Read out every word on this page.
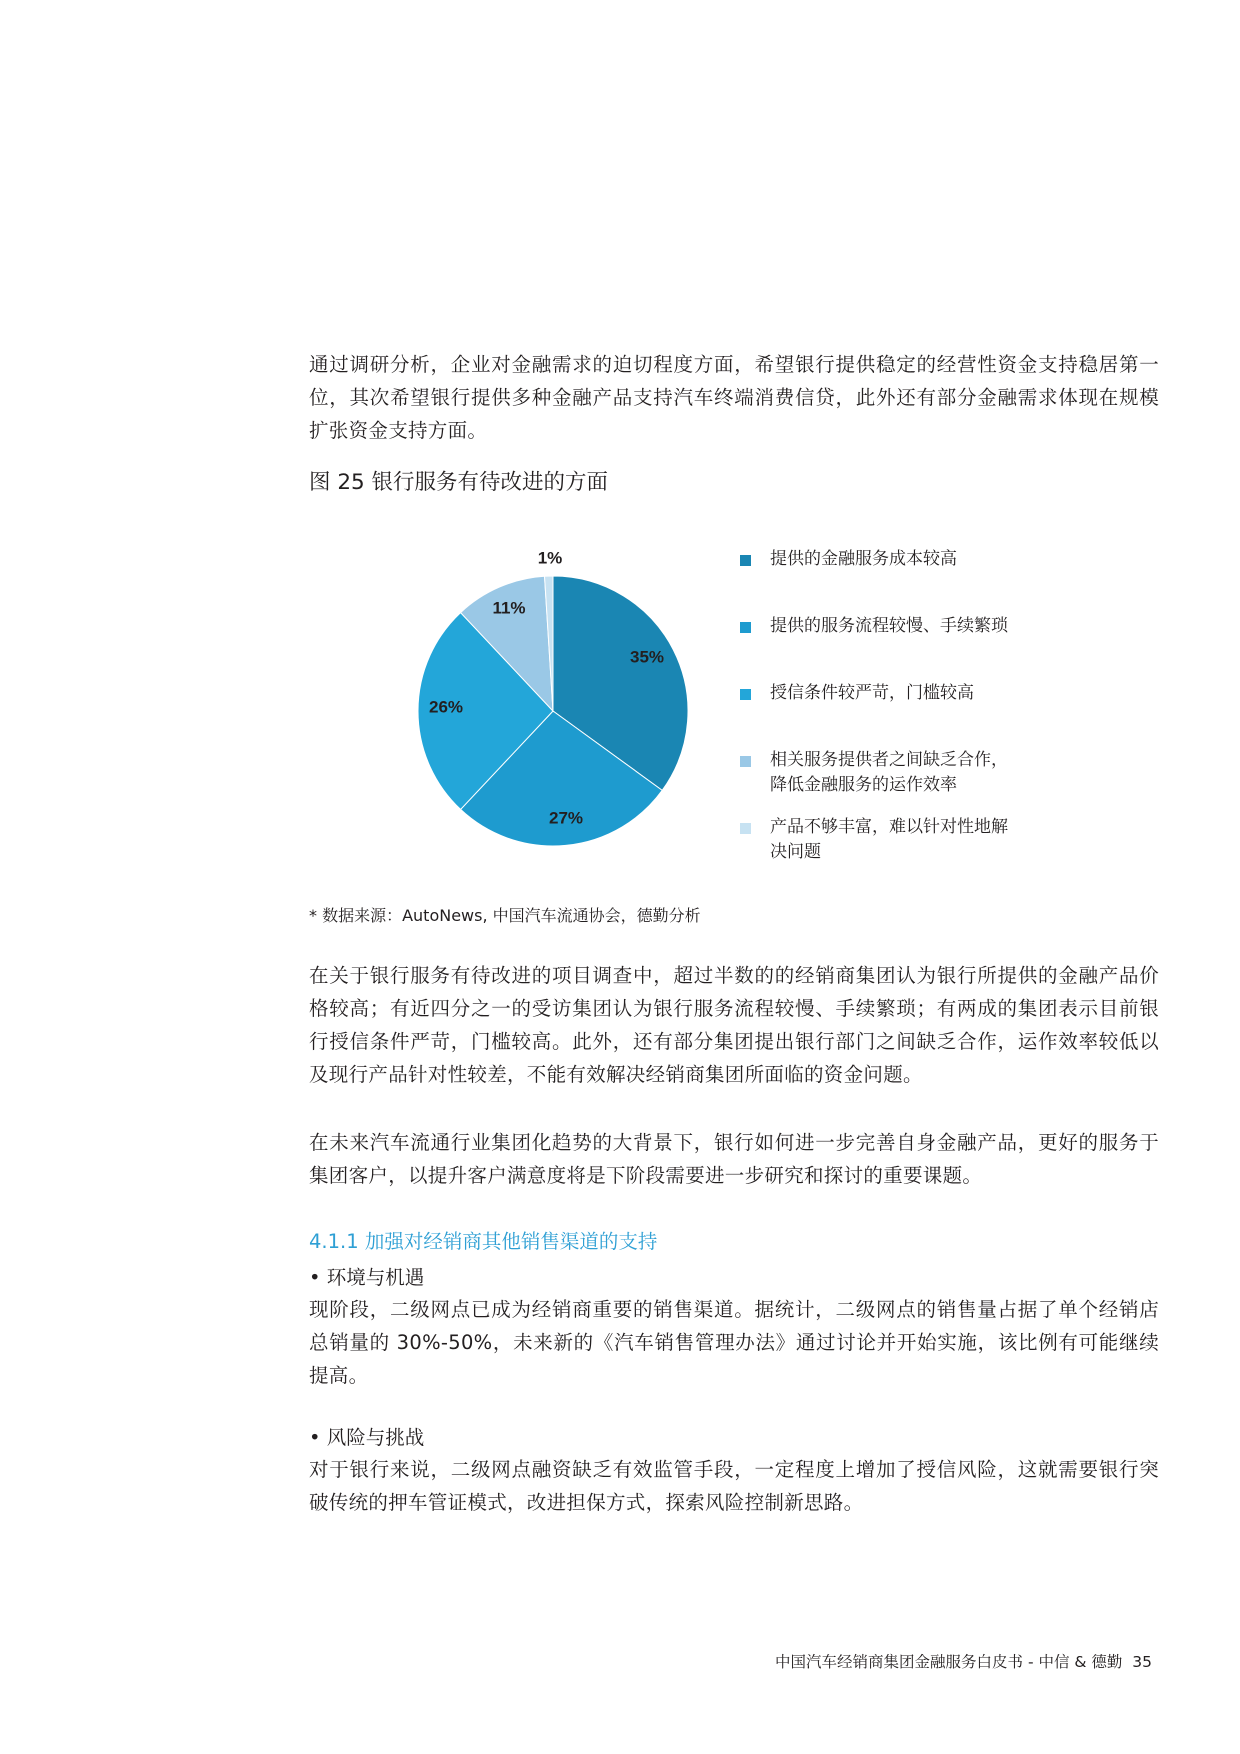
通过调研分析，企业对金融需求的迫切程度方面，希望银行提供稳定的经营性资金支持稳居第一位，其次希望银行提供多种金融产品支持汽车终端消费信贷，此外还有部分金融需求体现在规模扩张资金支持方面。
图 25 银行服务有待改进的方面
35%
27%
26%
11%
1%	提供的金融服务成本较高
提供的服务流程较慢、手续繁琐
授信条件较严苛，门槛较高
相关服务提供者之间缺乏合作，
降低金融服务的运作效率
产品不够丰富，难以针对性地解
决问题
* 数据来源：AutoNews, 中国汽车流通协会，德勤分析
在关于银行服务有待改进的项目调查中，超过半数的的经销商集团认为银行所提供的金融产品价格较高；有近四分之一的受访集团认为银行服务流程较慢、手续繁琐；有两成的集团表示目前银行授信条件严苛，门槛较高。此外，还有部分集团提出银行部门之间缺乏合作，运作效率较低以及现行产品针对性较差，不能有效解决经销商集团所面临的资金问题。
在未来汽车流通行业集团化趋势的大背景下，银行如何进一步完善自身金融产品，更好的服务于集团客户，以提升客户满意度将是下阶段需要进一步研究和探讨的重要课题。
4.1.1 加强对经销商其他销售渠道的支持
• 环境与机遇
现阶段，二级网点已成为经销商重要的销售渠道。据统计，二级网点的销售量占据了单个经销店总销量的 30%-50%，未来新的《汽车销售管理办法》通过讨论并开始实施，该比例有可能继续提高。
• 风险与挑战
对于银行来说，二级网点融资缺乏有效监管手段，一定程度上增加了授信风险，这就需要银行突破传统的押车管证模式，改进担保方式，探索风险控制新思路。
中国汽车经销商集团金融服务白皮书 - 中信 & 德勤 35
